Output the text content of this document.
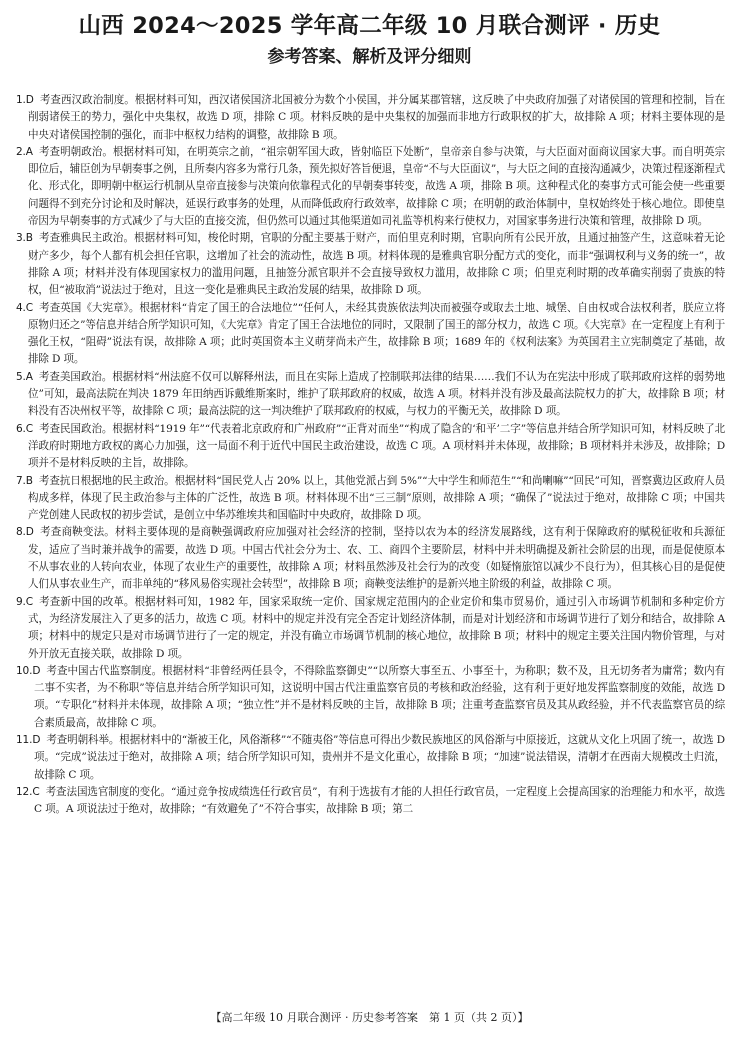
山西 2024～2025 学年高二年级 10 月联合测评 · 历史
参考答案、解析及评分细则

1.D 考查西汉政治制度。根据材料可知，西汉诸侯国济北国被分为数个小侯国，并分属某郡管辖，这反映了中央政府加强了对诸侯国的管理和控制，旨在削弱诸侯王的势力，强化中央集权，故选 D 项，排除 C 项。材料反映的是中央集权的加强而非地方行政职权的扩大，故排除 A 项；材料主要体现的是中央对诸侯国控制的强化，而非中枢权力结构的调整，故排除 B 项。

2.A 考查明朝政治。根据材料可知，在明英宗之前，“祖宗朝军国大政，皆射临臣下处断”，皇帝亲自参与决策，与大臣面对面商议国家大事。而自明英宗即位后，辅臣创为早朝奏事之例，且所奏内容多为常行几条，预先拟好答旨便退，皇帝“不与大臣面议”，与大臣之间的直接沟通减少，决策过程逐渐程式化、形式化，即明朝中枢运行机制从皇帝直接参与决策向依靠程式化的早朝奏事转变，故选 A 项，排除 B 项。这种程式化的奏事方式可能会使一些重要问题得不到充分讨论和及时解决，延误行政事务的处理，从而降低政府行政效率，故排除 C 项；在明朝的政治体制中，皇权始终处于核心地位。即使皇帝因为早朝奏事的方式减少了与大臣的直接交流，但仍然可以通过其他渠道如司礼监等机构来行使权力，对国家事务进行决策和管理，故排除 D 项。

3.B 考查雅典民主政治。根据材料可知，梭伦时期，官职的分配主要基于财产，而伯里克利时期，官职向所有公民开放，且通过抽签产生，这意味着无论财产多少，每个人都有机会担任官职，这增加了社会的流动性，故选 B 项。材料体现的是雅典官职分配方式的变化，而非“强调权利与义务的统一”，故排除 A 项；材料并没有体现国家权力的滥用问题，且抽签分派官职并不会直接导致权力滥用，故排除 C 项；伯里克利时期的改革确实削弱了贵族的特权，但“被取消”说法过于绝对，且这一变化是雅典民主政治发展的结果，故排除 D 项。

4.C 考查英国《大宪章》。根据材料“肯定了国王的合法地位”“任何人，未经其贵族依法判决而被强夺或取去土地、城堡、自由权或合法权利者，朕应立将原物归还之”等信息并结合所学知识可知，《大宪章》肯定了国王合法地位的同时，又限制了国王的部分权力，故选 C 项。《大宪章》在一定程度上有利于强化王权，“阻碍”说法有误，故排除 A 项；此时英国资本主义萌芽尚未产生，故排除 B 项；1689 年的《权利法案》为英国君主立宪制奠定了基础，故排除 D 项。

5.A 考查美国政治。根据材料“州法庭不仅可以解释州法，而且在实际上造成了控制联邦法律的结果……我们不认为在宪法中形成了联邦政府这样的弱势地位”可知，最高法院在判决 1879 年田纳西诉戴维斯案时，维护了联邦政府的权威，故选 A 项。材料并没有涉及最高法院权力的扩大，故排除 B 项；材料没有否决州权平等，故排除 C 项；最高法院的这一判决维护了联邦政府的权威，与权力的平衡无关，故排除 D 项。

6.C 考查民国政治。根据材料“1919 年”“代表着北京政府和广州政府”“正背对而坐”“构成了隐含的‘和平’二字”等信息并结合所学知识可知，材料反映了北洋政府时期地方政权的离心力加强，这一局面不利于近代中国民主政治建设，故选 C 项。A 项材料并未体现，故排除；B 项材料并未涉及，故排除；D 项并不是材料反映的主旨，故排除。

7.B 考查抗日根据地的民主政治。根据材料“国民党人占 20% 以上，其他党派占到 5%”“大中学生和师范生”“和尚喇嘛”“回民”可知，晋察冀边区政府人员构成多样，体现了民主政治参与主体的广泛性，故选 B 项。材料体现不出“三三制”原则，故排除 A 项；“确保了”说法过于绝对，故排除 C 项；中国共产党创建人民政权的初步尝试，是创立中华苏维埃共和国临时中央政府，故排除 D 项。

8.D 考查商鞅变法。材料主要体现的是商鞅强调政府应加强对社会经济的控制，坚持以农为本的经济发展路线，这有利于保障政府的赋税征收和兵源征发，适应了当时兼并战争的需要，故选 D 项。中国古代社会分为士、农、工、商四个主要阶层，材料中并未明确提及新社会阶层的出现，而是促使原本不从事农业的人转向农业，体现了农业生产的重要性，故排除 A 项；材料虽然涉及社会行为的改变（如疑惰旅馆以减少不良行为），但其核心目的是促使人们从事农业生产，而非单纯的“移风易俗实现社会转型”，故排除 B 项；商鞅变法维护的是新兴地主阶级的利益，故排除 C 项。

9.C 考查新中国的改革。根据材料可知，1982 年，国家采取统一定价、国家规定范围内的企业定价和集市贸易价，通过引入市场调节机制和多种定价方式，为经济发展注入了更多的活力，故选 C 项。材料中的规定并没有完全否定计划经济体制，而是对计划经济和市场调节进行了划分和结合，故排除 A 项；材料中的规定只是对市场调节进行了一定的规定，并没有确立市场调节机制的核心地位，故排除 B 项；材料中的规定主要关注国内物价管理，与对外开放无直接关联，故排除 D 项。

10.D 考查中国古代监察制度。根据材料“非曾经两任县令，不得除监察御史”“以所察大事至五、小事至十，为称职；数不及，且无切务者为庸常；数内有二事不实者，为不称职”等信息并结合所学知识可知，这说明中国古代注重监察官员的考核和政治经验，这有利于更好地发挥监察制度的效能，故选 D 项。“专职化”材料并未体现，故排除 A 项；“独立性”并不是材料反映的主旨，故排除 B 项；注重考查监察官员及其从政经验，并不代表监察官员的综合素质最高，故排除 C 项。

11.D 考查明朝科举。根据材料中的“渐被王化，风俗渐移”“不随夷俗”等信息可得出少数民族地区的风俗渐与中原接近，这就从文化上巩固了统一，故选 D 项。“完成”说法过于绝对，故排除 A 项；结合所学知识可知，贵州并不是文化重心，故排除 B 项；“加速”说法错误，清朝才在西南大规模改土归流，故排除 C 项。

12.C 考查法国选官制度的变化。“通过竞争按成绩选任行政官员”，有利于选拔有才能的人担任行政官员，一定程度上会提高国家的治理能力和水平，故选 C 项。A 项说法过于绝对，故排除；“有效避免了”不符合事实，故排除 B 项；第二

【高二年级 10 月联合测评 · 历史参考答案　第 1 页（共 2 页）】
